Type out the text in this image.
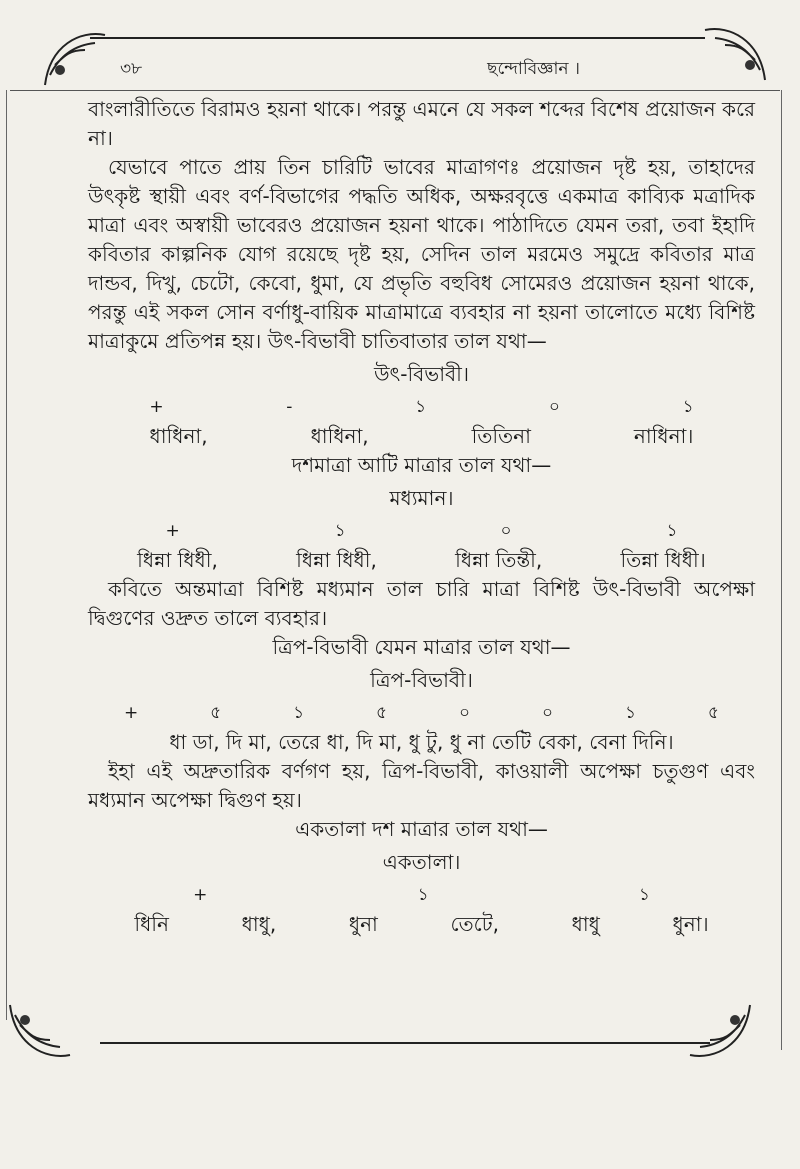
৩৮	ছন্দোবিজ্ঞান ।

বাংলারীতিতে বিরামও হয়না থাকে। পরন্তু এমনে যে সকল শব্দের বিশেষ প্রয়োজন করে না।

যেভাবে পাতে প্রায় তিন চারিটি ভাবের মাত্রাগণঃ প্রয়োজন দৃষ্ট হয়, তাহাদের উৎকৃষ্ট স্থায়ী এবং বর্ণ-বিভাগের পদ্ধতি অধিক, অক্ষরবৃত্তে একমাত্র কাব্যিক মত্রাদিক মাত্রা এবং অস্বায়ী ভাবেরও প্রয়োজন হয়না থাকে। পাঠাদিতে যেমন তরা, তবা ইহাদি কবিতার কাল্পনিক যোগ রয়েছে দৃষ্ট হয়, সেদিন তাল মরমেও সমুদ্রে কবিতার মাত্র দান্ডব, দিখু, চেটো, কেবো, ধুমা, যে প্রভৃতি বহুবিধ সোমেরও প্রয়োজন হয়না থাকে, পরন্তু এই সকল সোন বর্ণাধু-বায়িক মাত্রামাত্রে ব্যবহার না হয়না তালোতে মধ্যে বিশিষ্ট মাত্রাকুমে প্রতিপন্ন হয়। উৎ-বিভাবী চাতিবাতার তাল যথা—

উৎ-বিভাবী।
+	-	১	০	১
ধাধিনা,	ধাধিনা,	তিতিনা	নাধিনা।
দশমাত্রা আটি মাত্রার তাল যথা—
মধ্যমান।
+	১	০	১
ধিন্না ধিধী,	ধিন্না ধিধী,	ধিন্না তিন্তী,	তিন্না ধিধী।

কবিতে অন্তমাত্রা বিশিষ্ট মধ্যমান তাল চারি মাত্রা বিশিষ্ট উৎ-বিভাবী অপেক্ষা দ্বিগুণের ওদ্রুত তালে ব্যবহার।

ত্রিপ-বিভাবী যেমন মাত্রার তাল যথা—
ত্রিপ-বিভাবী।
+	৫	১	৫	০	০	১	৫
ধা ডা, দি মা, তেরে ধা, দি মা, ধু টু, ধু না তেটি বেকা, বেনা দিনি।

ইহা এই অদ্রুতারিক বর্ণগণ হয়, ত্রিপ-বিভাবী, কাওয়ালী অপেক্ষা চতুগুণ এবং মধ্যমান অপেক্ষা দ্বিগুণ হয়।

একতালা দশ মাত্রার তাল যথা—
একতালা।
+	১	১
ধিনি	ধাধু,	ধুনা	তেটে,	ধাধু	ধুনা।
